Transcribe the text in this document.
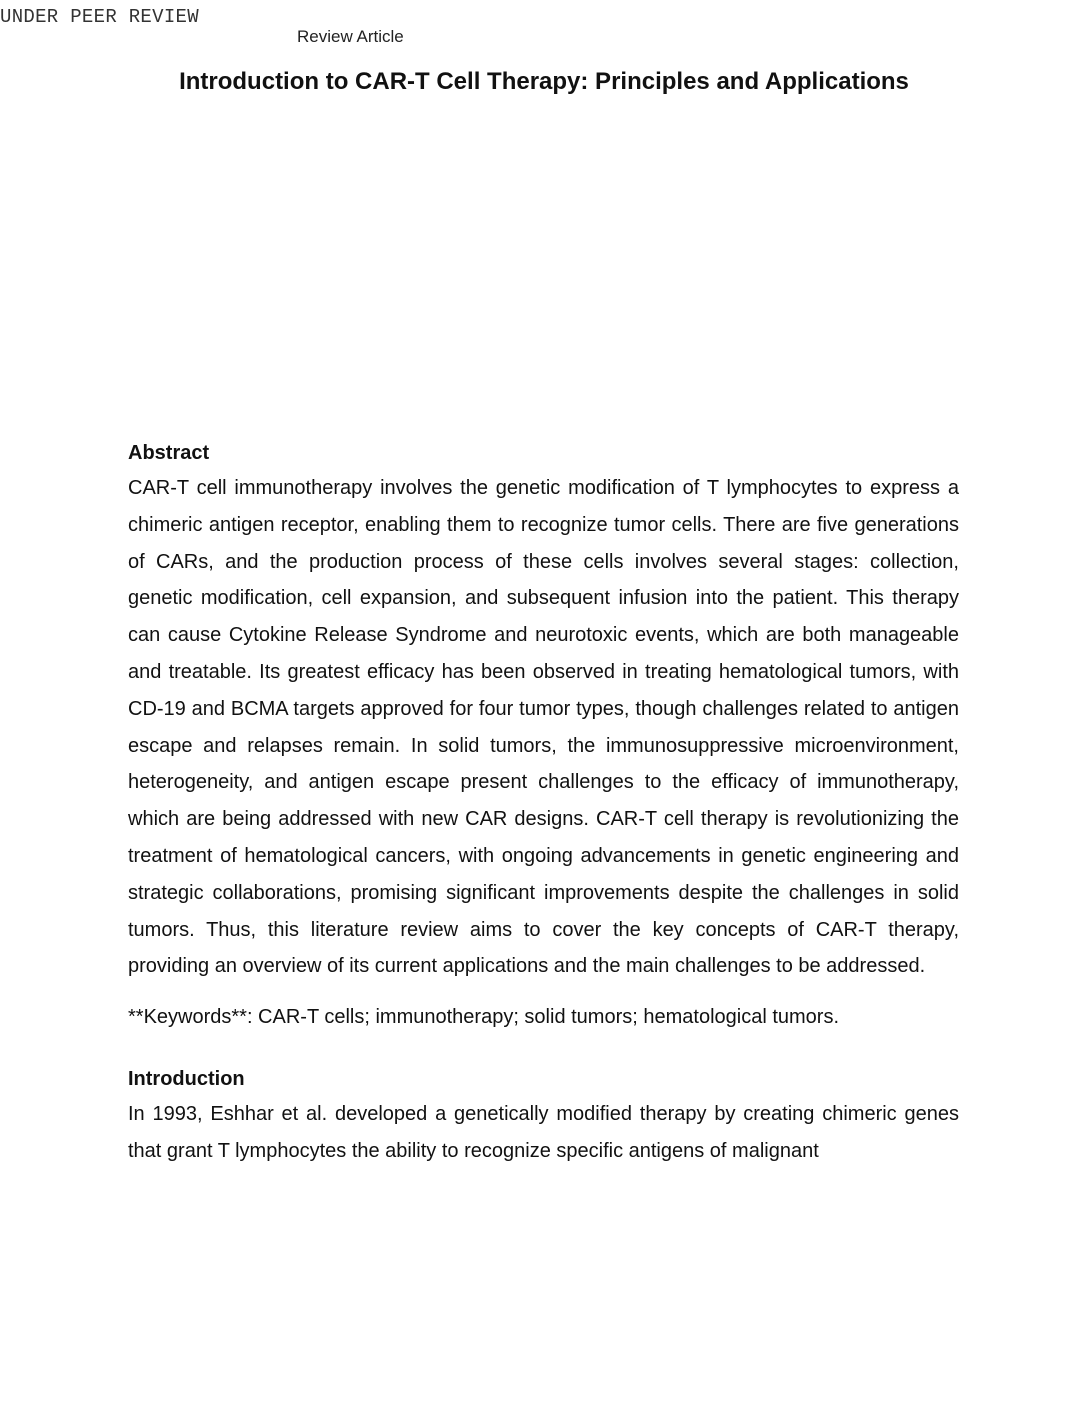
UNDER PEER REVIEW
Review Article
Introduction to CAR-T Cell Therapy: Principles and Applications
Abstract

CAR-T cell immunotherapy involves the genetic modification of T lymphocytes to express a chimeric antigen receptor, enabling them to recognize tumor cells. There are five generations of CARs, and the production process of these cells involves several stages: collection, genetic modification, cell expansion, and subsequent infusion into the patient. This therapy can cause Cytokine Release Syndrome and neurotoxic events, which are both manageable and treatable. Its greatest efficacy has been observed in treating hematological tumors, with CD-19 and BCMA targets approved for four tumor types, though challenges related to antigen escape and relapses remain. In solid tumors, the immunosuppressive microenvironment, heterogeneity, and antigen escape present challenges to the efficacy of immunotherapy, which are being addressed with new CAR designs. CAR-T cell therapy is revolutionizing the treatment of hematological cancers, with ongoing advancements in genetic engineering and strategic collaborations, promising significant improvements despite the challenges in solid tumors. Thus, this literature review aims to cover the key concepts of CAR-T therapy, providing an overview of its current applications and the main challenges to be addressed.

**Keywords**: CAR-T cells; immunotherapy; solid tumors; hematological tumors.

Introduction

In 1993, Eshhar et al. developed a genetically modified therapy by creating chimeric genes that grant T lymphocytes the ability to recognize specific antigens of malignant
